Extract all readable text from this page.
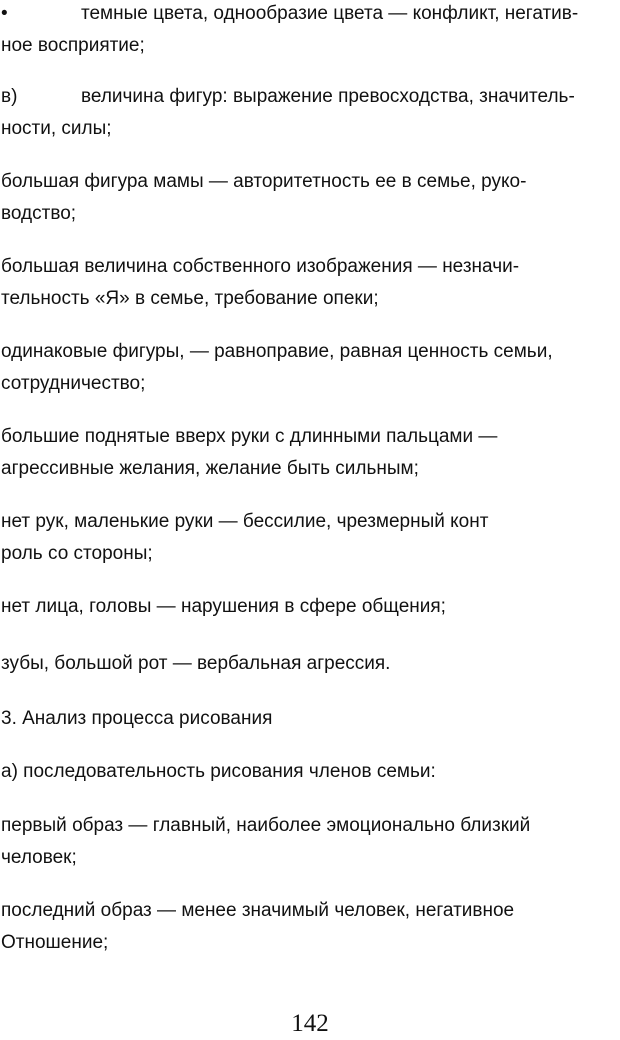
•	темные цвета, однообразие цвета — конфликт, негатив-
ное восприятие;
в)	величина фигур: выражение превосходства, значитель-
ности, силы;
большая фигура мамы — авторитетность ее в семье, руко-
водство;
большая величина собственного изображения — незначи-
тельность «Я» в семье, требование опеки;
одинаковые фигуры, — равноправие, равная ценность семьи,
сотрудничество;
большие поднятые вверх руки с длинными пальцами —
агрессивные желания, желание быть сильным;
нет рук, маленькие руки — бессилие, чрезмерный конт
роль со стороны;
нет лица, головы — нарушения в сфере общения;
зубы, большой рот — вербальная агрессия.
3. Анализ процесса рисования
а) последовательность рисования членов семьи:
первый образ — главный, наиболее эмоционально близкий
человек;
последний образ — менее значимый человек, негативное
Отношение;
142
